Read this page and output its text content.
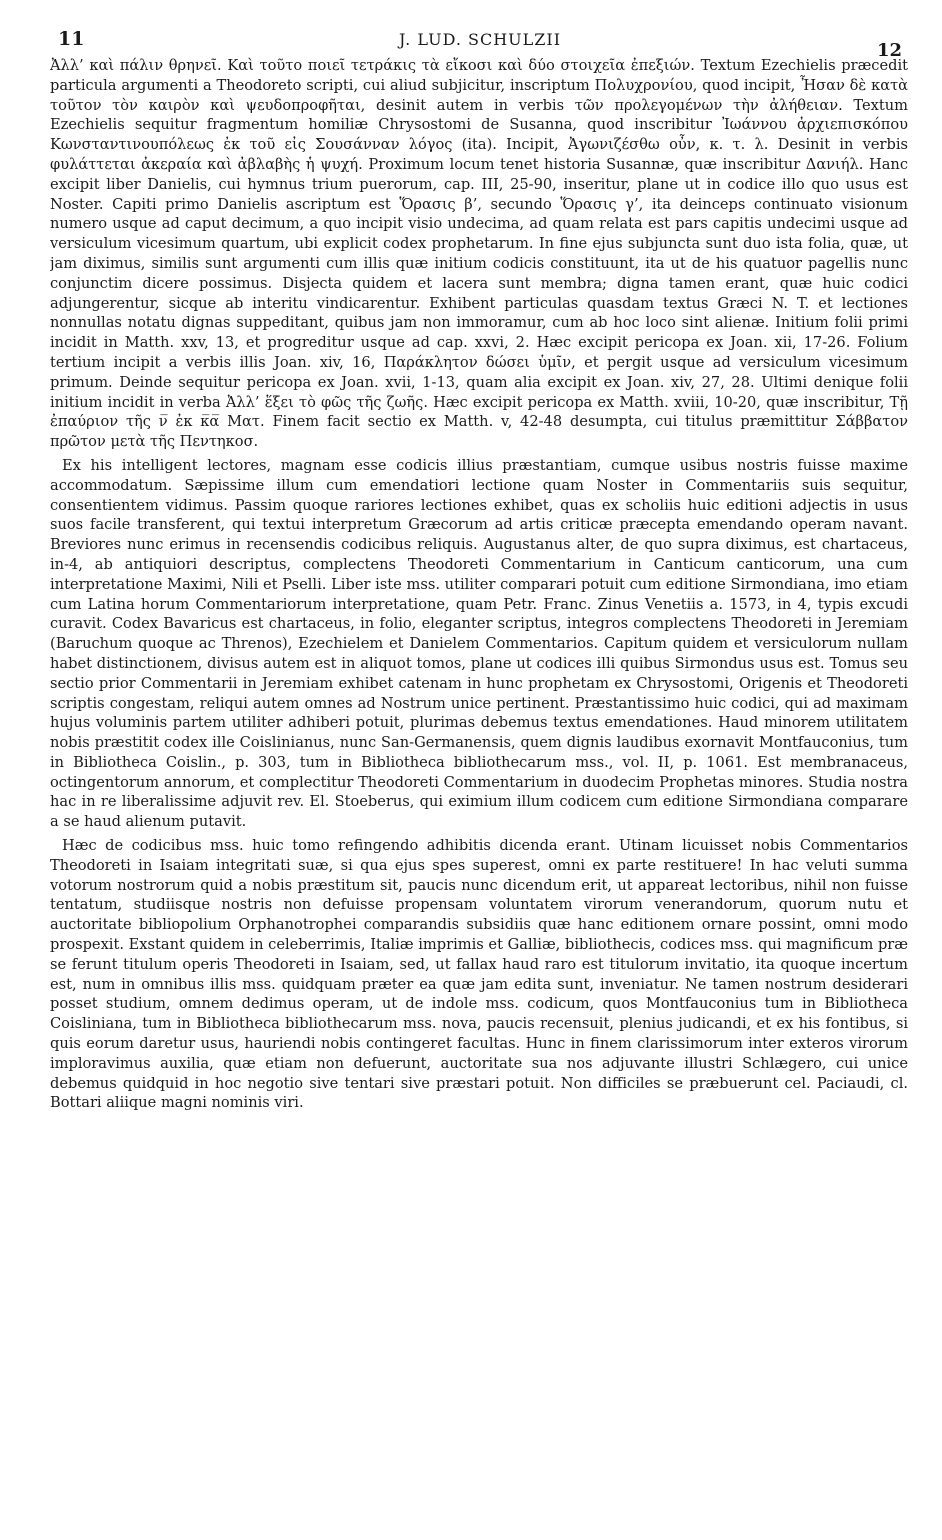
11	J. LUD. SCHULZII
12

Ἀλλ’ καὶ πάλιν θρηνεῖ. Καὶ τοῦτο ποιεῖ τετράκις τὰ εἴκοσι καὶ δύο στοιχεῖα ἐπεξιών. Textum Ezechielis præcedit particula argumenti a Theodoreto scripti, cui aliud subjicitur, inscriptum Πολυχρονίου, quod incipit, Ἦσαν δὲ κατὰ τοῦτον τὸν καιρὸν καὶ ψευδοπροφῆται, desinit autem in verbis τῶν προλεγομένων τὴν ἀλήθειαν. Textum Ezechielis sequitur fragmentum homiliæ Chrysostomi de Susanna, quod inscribitur Ἰωάννου ἀρχιεπισκόπου Κωνσταντινουπόλεως ἐκ τοῦ εἰς Σουσάνναν λόγος (ita). Incipit, Ἀγωνιζέσθω οὖν, κ. τ. λ. Desinit in verbis φυλάττεται ἀκεραία καὶ ἀβλαβὴς ἡ ψυχή. Proximum locum tenet historia Susannæ, quæ inscribitur Δανιήλ. Hanc excipit liber Danielis, cui hymnus trium puerorum, cap. III, 25-90, inseritur, plane ut in codice illo quo usus est Noster. Capiti primo Danielis ascriptum est Ὅρασις β’, secundo Ὅρασις γ’, ita deinceps continuato visionum numero usque ad caput decimum, a quo incipit visio undecima, ad quam relata est pars capitis undecimi usque ad versiculum vicesimum quartum, ubi explicit codex prophetarum. In fine ejus subjuncta sunt duo ista folia, quæ, ut jam diximus, similis sunt argumenti cum illis quæ initium codicis constituunt, ita ut de his quatuor pagellis nunc conjunctim dicere possimus. Disjecta quidem et lacera sunt membra; digna tamen erant, quæ huic codici adjungerentur, sicque ab interitu vindicarentur. Exhibent particulas quasdam textus Græci N. T. et lectiones nonnullas notatu dignas suppeditant, quibus jam non immoramur, cum ab hoc loco sint alienæ. Initium folii primi incidit in Matth. xxv, 13, et progreditur usque ad cap. xxvi, 2. Hæc excipit pericopa ex Joan. xii, 17-26. Folium tertium incipit a verbis illis Joan. xiv, 16, Παράκλητον δώσει ὑμῖν, et pergit usque ad versiculum vicesimum primum. Deinde sequitur pericopa ex Joan. xvii, 1-13, quam alia excipit ex Joan. xiv, 27, 28. Ultimi denique folii initium incidit in verba Ἀλλ’ ἕξει τὸ φῶς τῆς ζωῆς. Hæc excipit pericopa ex Matth. xviii, 10-20, quæ inscribitur, Τῇ ἐπαύριον τῆς ν̅ ἐκ κ̅α̅ Ματ. Finem facit sectio ex Matth. v, 42-48 desumpta, cui titulus præmittitur Σάββατον πρῶτον μετὰ τῆς Πεντηκοσ.

Ex his intelligent lectores, magnam esse codicis illius præstantiam, cumque usibus nostris fuisse maxime accommodatum. Sæpissime illum cum emendatiori lectione quam Noster in Commentariis suis sequitur, consentientem vidimus. Passim quoque rariores lectiones exhibet, quas ex scholiis huic editioni adjectis in usus suos facile transferent, qui textui interpretum Græcorum ad artis criticæ præcepta emendando operam navant. Breviores nunc erimus in recensendis codicibus reliquis. Augustanus alter, de quo supra diximus, est chartaceus, in-4, ab antiquiori descriptus, complectens Theodoreti Commentarium in Canticum canticorum, una cum interpretatione Maximi, Nili et Pselli. Liber iste mss. utiliter comparari potuit cum editione Sirmondiana, imo etiam cum Latina horum Commentariorum interpretatione, quam Petr. Franc. Zinus Venetiis a. 1573, in 4, typis excudi curavit. Codex Bavaricus est chartaceus, in folio, eleganter scriptus, integros complectens Theodoreti in Jeremiam (Baruchum quoque ac Threnos), Ezechielem et Danielem Commentarios. Capitum quidem et versiculorum nullam habet distinctionem, divisus autem est in aliquot tomos, plane ut codices illi quibus Sirmondus usus est. Tomus seu sectio prior Commentarii in Jeremiam exhibet catenam in hunc prophetam ex Chrysostomi, Origenis et Theodoreti scriptis congestam, reliqui autem omnes ad Nostrum unice pertinent. Præstantissimo huic codici, qui ad maximam hujus voluminis partem utiliter adhiberi potuit, plurimas debemus textus emendationes. Haud minorem utilitatem nobis præstitit codex ille Coislinianus, nunc San-Germanensis, quem dignis laudibus exornavit Montfauconius, tum in Bibliotheca Coislin., p. 303, tum in Bibliotheca bibliothecarum mss., vol. II, p. 1061. Est membranaceus, octingentorum annorum, et complectitur Theodoreti Commentarium in duodecim Prophetas minores. Studia nostra hac in re liberalissime adjuvit rev. El. Stoeberus, qui eximium illum codicem cum editione Sirmondiana comparare a se haud alienum putavit.

Hæc de codicibus mss. huic tomo refingendo adhibitis dicenda erant. Utinam licuisset nobis Commentarios Theodoreti in Isaiam integritati suæ, si qua ejus spes superest, omni ex parte restituere! In hac veluti summa votorum nostrorum quid a nobis præstitum sit, paucis nunc dicendum erit, ut appareat lectoribus, nihil non fuisse tentatum, studiisque nostris non defuisse propensam voluntatem virorum venerandorum, quorum nutu et auctoritate bibliopolium Orphanotrophei comparandis subsidiis quæ hanc editionem ornare possint, omni modo prospexit. Exstant quidem in celeberrimis, Italiæ imprimis et Galliæ, bibliothecis, codices mss. qui magnificum præ se ferunt titulum operis Theodoreti in Isaiam, sed, ut fallax haud raro est titulorum invitatio, ita quoque incertum est, num in omnibus illis mss. quidquam præter ea quæ jam edita sunt, inveniatur. Ne tamen nostrum desiderari posset studium, omnem dedimus operam, ut de indole mss. codicum, quos Montfauconius tum in Bibliotheca Coisliniana, tum in Bibliotheca bibliothecarum mss. nova, paucis recensuit, plenius judicandi, et ex his fontibus, si quis eorum daretur usus, hauriendi nobis contingeret facultas. Hunc in finem clarissimorum inter exteros virorum imploravimus auxilia, quæ etiam non defuerunt, auctoritate sua nos adjuvante illustri Schlægero, cui unice debemus quidquid in hoc negotio sive tentari sive præstari potuit. Non difficiles se præbuerunt cel. Paciaudi, cl. Bottari aliique magni nominis viri.
